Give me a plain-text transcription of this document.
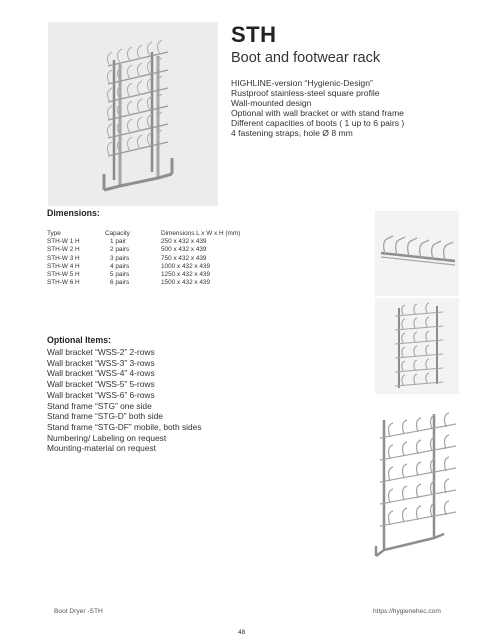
STH
Boot and footwear rack
HIGHLINE-version “Hygienic-Design”
Rustproof stainless-steel square profile
Wall-mounted design
Optional with wall bracket or with stand frame
Different capacities of boots ( 1 up to 6 pairs )
4 fastening straps, hole Ø 8 mm
Dimensions:
Type	Capacity	Dimensions L x W x H (mm)
STH-W 1 H	1 pair	250 x 432 x 439
STH-W 2 H	2 pairs	500 x 432 x 439
STH-W 3 H	3 pairs	750 x 432 x 439
STH-W 4 H	4 pairs	1000 x 432 x 439
STH-W 5 H	5 pairs	1250 x 432 x 439
STH-W 6 H	6 pairs	1500 x 432 x 439
Optional Items:
Wall bracket “WSS-2” 2-rows
Wall bracket “WSS-3” 3-rows
Wall bracket “WSS-4” 4-rows
Wall bracket “WSS-5” 5-rows
Wall bracket “WSS-6” 6-rows
Stand frame “STG” one side
Stand frame “STG-D” both side
Stand frame “STG-DF” mobile, both sides
Numbering/ Labeling on request
Mounting-material on request
Boot Dryer -STH	https://hygienehec.com
48
